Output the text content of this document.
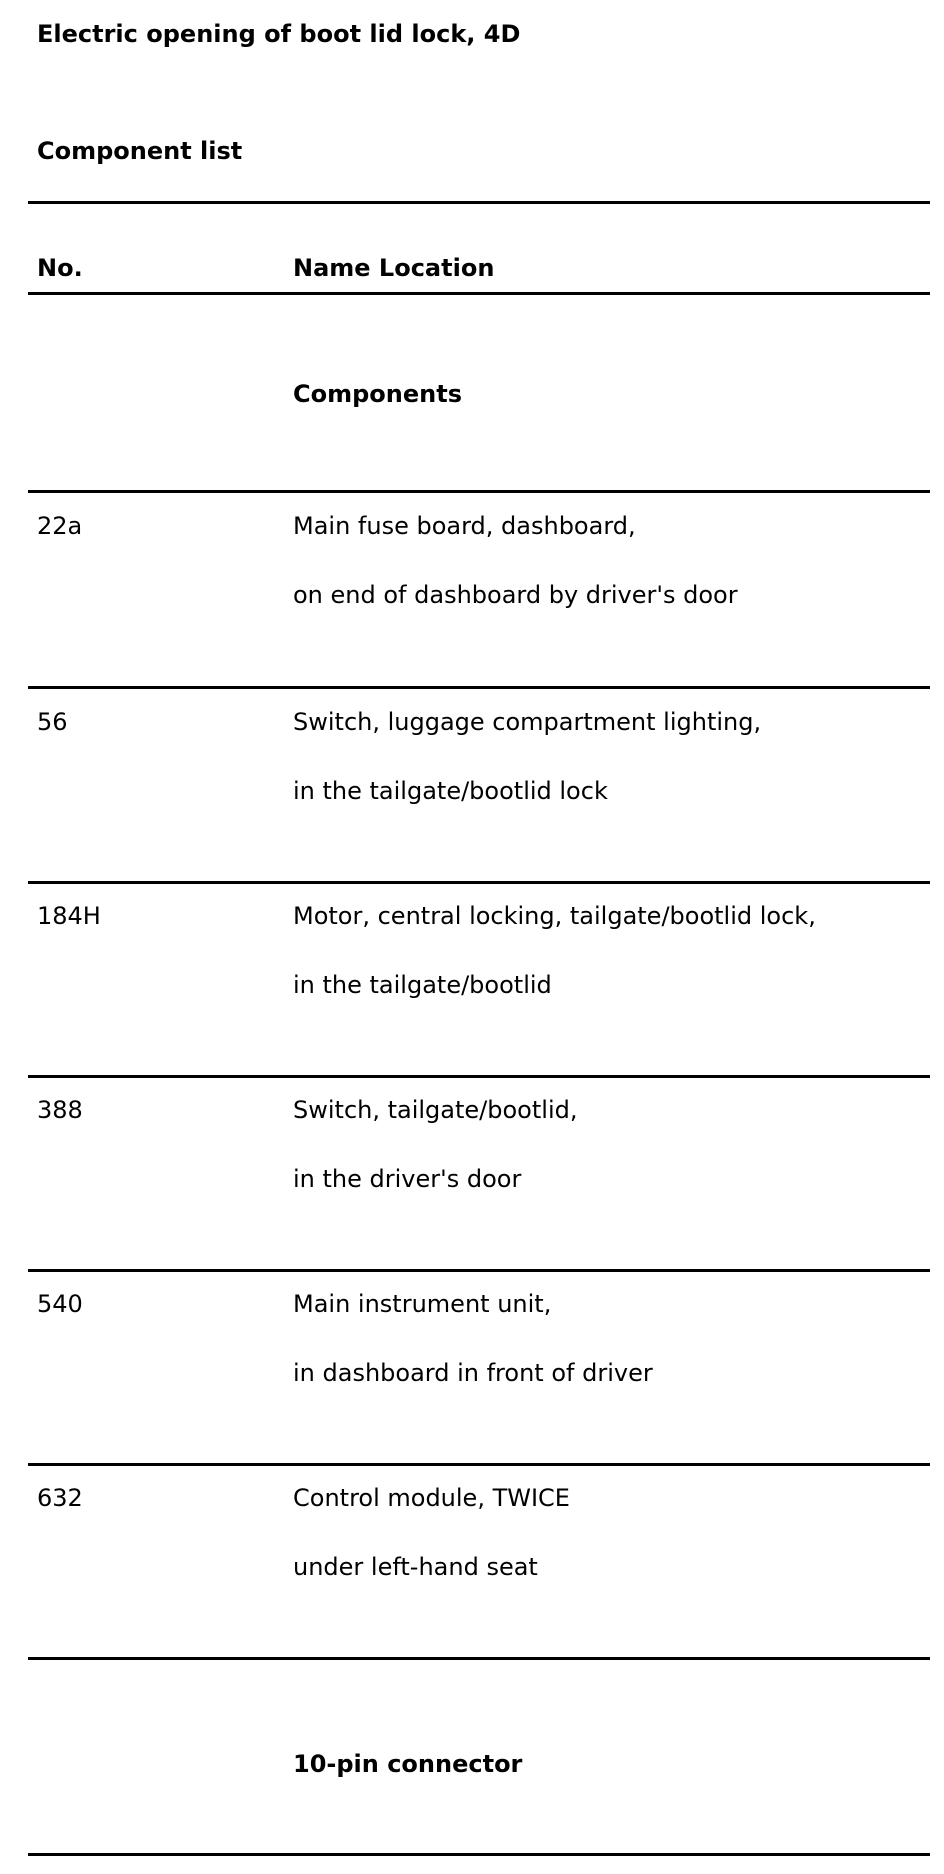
Electric opening of boot lid lock, 4D
Component list
No.	Name Location
Components
22a	Main fuse board, dashboard,
on end of dashboard by driver's door
56	Switch, luggage compartment lighting,
in the tailgate/bootlid lock
184H	Motor, central locking, tailgate/bootlid lock,
in the tailgate/bootlid
388	Switch, tailgate/bootlid,
in the driver's door
540	Main instrument unit,
in dashboard in front of driver
632	Control module, TWICE
under left-hand seat
10-pin connector
